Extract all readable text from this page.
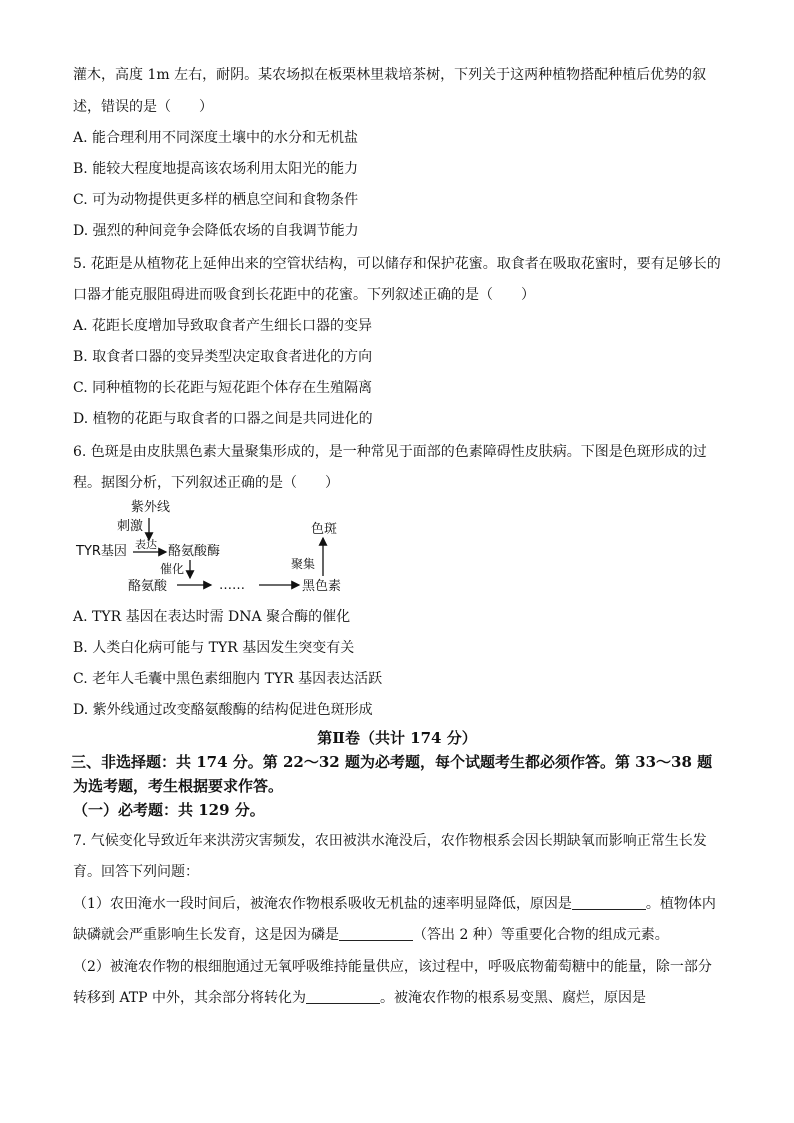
灌木，高度 1m 左右，耐阴。某农场拟在板栗林里栽培茶树，下列关于这两种植物搭配种植后优势的叙
述，错误的是（　　）
A. 能合理利用不同深度土壤中的水分和无机盐
B. 能较大程度地提高该农场利用太阳光的能力
C. 可为动物提供更多样的栖息空间和食物条件
D. 强烈的种间竞争会降低农场的自我调节能力
5. 花距是从植物花上延伸出来的空管状结构，可以储存和保护花蜜。取食者在吸取花蜜时，要有足够长的
口器才能克服阻碍进而吸食到长花距中的花蜜。下列叙述正确的是（　　）
A. 花距长度增加导致取食者产生细长口器的变异
B. 取食者口器的变异类型决定取食者进化的方向
C. 同种植物的长花距与短花距个体存在生殖隔离
D. 植物的花距与取食者的口器之间是共同进化的
6. 色斑是由皮肤黑色素大量聚集形成的，是一种常见于面部的色素障碍性皮肤病。下图是色斑形成的过
程。据图分析，下列叙述正确的是（　　）
紫外线
刺激
TYR基因 表达 酪氨酸酶
催化
酪氨酸	……	黑色素
聚集
色斑
A. TYR 基因在表达时需 DNA 聚合酶的催化
B. 人类白化病可能与 TYR 基因发生突变有关
C. 老年人毛囊中黑色素细胞内 TYR 基因表达活跃
D. 紫外线通过改变酪氨酸酶的结构促进色斑形成
第Ⅱ卷（共计 174 分）
三、非选择题：共 174 分。第 22～32 题为必考题，每个试题考生都必须作答。第 33～38 题
为选考题，考生根据要求作答。
（一）必考题：共 129 分。
7. 气候变化导致近年来洪涝灾害频发，农田被洪水淹没后，农作物根系会因长期缺氧而影响正常生长发
育。回答下列问题：
（1）农田淹水一段时间后，被淹农作物根系吸收无机盐的速率明显降低，原因是	。植物体内
缺磷就会严重影响生长发育，这是因为磷是	（答出 2 种）等重要化合物的组成元素。
（2）被淹农作物的根细胞通过无氧呼吸维持能量供应，该过程中，呼吸底物葡萄糖中的能量，除一部分
转移到 ATP 中外，其余部分将转化为	。被淹农作物的根系易变黑、腐烂，原因是
